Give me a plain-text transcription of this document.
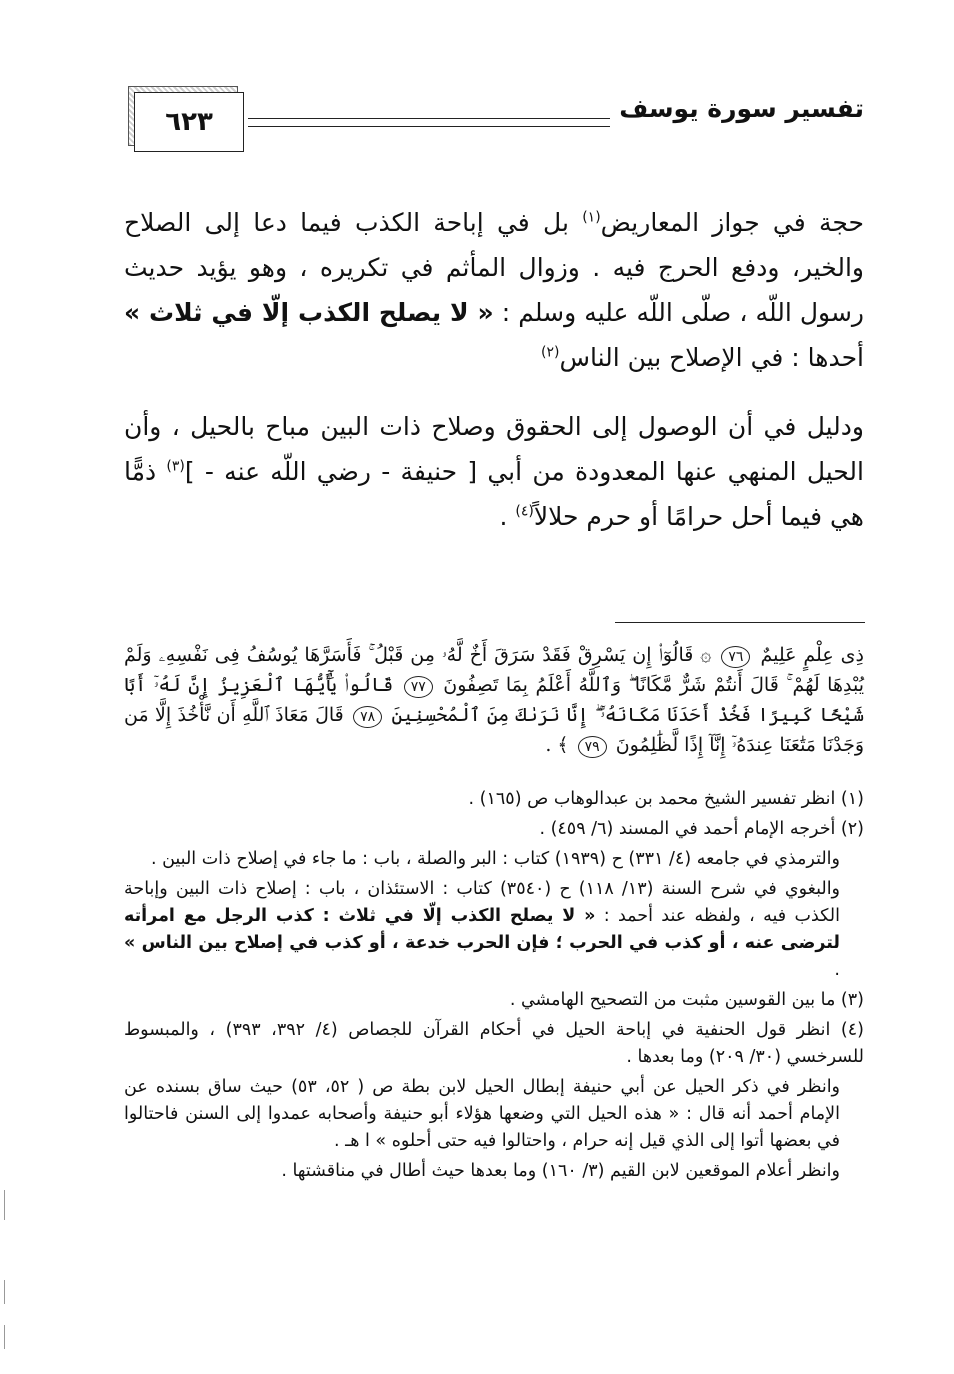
تفسير سورة يوسف
٦٢٣

حجة في جواز المعاريض$^{(١)}$ بل في إباحة الكذب فيما دعا إلى الصلاح والخير، ودفع الحرج فيه . وزوال المأثم في تكريره ، وهو يؤيد حديث رسول اللّه ، صلّى اللّه عليه وسلم : « لا يصلح الكذب إلّا في ثلاث » أحدها : في الإصلاح بين الناس$^{(٢)}$

ودليل في أن الوصول إلى الحقوق وصلاح ذات البين مباح بالحيل ، وأن الحيل المنهي عنها المعدودة من أبي [ حنيفة - رضي اللّه عنه - ]$^{(٣)}$ ذمًّا هي فيما أحل حرامًا أو حرم حلالاً$^{(٤)}$ .

ذِى عِلْمٍ عَلِيمٌ ٧٦ ۞ قَالُوٓا۟ إِن يَسْرِقْ فَقَدْ سَرَقَ أَخٌ لَّهُۥ مِن قَبْلُ ۚ فَأَسَرَّهَا يُوسُفُ فِى نَفْسِهِۦ وَلَمْ يُبْدِهَا لَهُمْ ۚ قَالَ أَنتُمْ شَرٌّ مَّكَانًا ۖ وَٱللَّهُ أَعْلَمُ بِمَا تَصِفُونَ ٧٧ قَالُوا۟ يَٰٓأَيُّهَا ٱلْعَزِيزُ إِنَّ لَهُۥٓ أَبًا شَيْخًا كَبِيرًا فَخُذْ أَحَدَنَا مَكَانَهُۥٓ ۖ إِنَّا نَرَىٰكَ مِنَ ٱلْمُحْسِنِينَ ٧٨ قَالَ مَعَاذَ ٱللَّهِ أَن نَّأْخُذَ إِلَّا مَن وَجَدْنَا مَتَٰعَنَا عِندَهُۥٓ إِنَّآ إِذًا لَّظَٰلِمُونَ ٧٩ ﴾ .

(١) انظر تفسير الشيخ محمد بن عبدالوهاب ص (١٦٥) .

(٢) أخرجه الإمام أحمد في المسند (٦/ ٤٥٩) .

والترمذي في جامعه (٤/ ٣٣١) ح (١٩٣٩) كتاب : البر والصلة ، باب : ما جاء في إصلاح ذات البين .

والبغوي في شرح السنة (١٣/ ١١٨) ح (٣٥٤٠) كتاب : الاستئذان ، باب : إصلاح ذات البين وإباحة الكذب فيه ، ولفظه عند أحمد : « لا يصلح الكذب إلّا في ثلاث : كذب الرجل مع امرأته لترضى عنه ، أو كذب في الحرب ؛ فإن الحرب خدعة ، أو كذب في إصلاح بين الناس » .

(٣) ما بين القوسين مثبت من التصحيح الهامشي .

(٤) انظر قول الحنفية في إباحة الحيل في أحكام القرآن للجصاص (٤/ ٣٩٢، ٣٩٣) ، والمبسوط للسرخسي (٣٠/ ٢٠٩) وما بعدها .

وانظر في ذكر الحيل عن أبي حنيفة إبطال الحيل لابن بطة ص ( ٥٢، ٥٣) حيث ساق بسنده عن الإمام أحمد أنه قال : « هذه الحيل التي وضعها هؤلاء أبو حنيفة وأصحابه عمدوا إلى السنن فاحتالوا في بعضها أتوا إلى الذي قيل إنه حرام ، واحتالوا فيه حتى أحلوه » ا هـ .

وانظر أعلام الموقعين لابن القيم (٣/ ١٦٠) وما بعدها حيث أطال في مناقشتها .
